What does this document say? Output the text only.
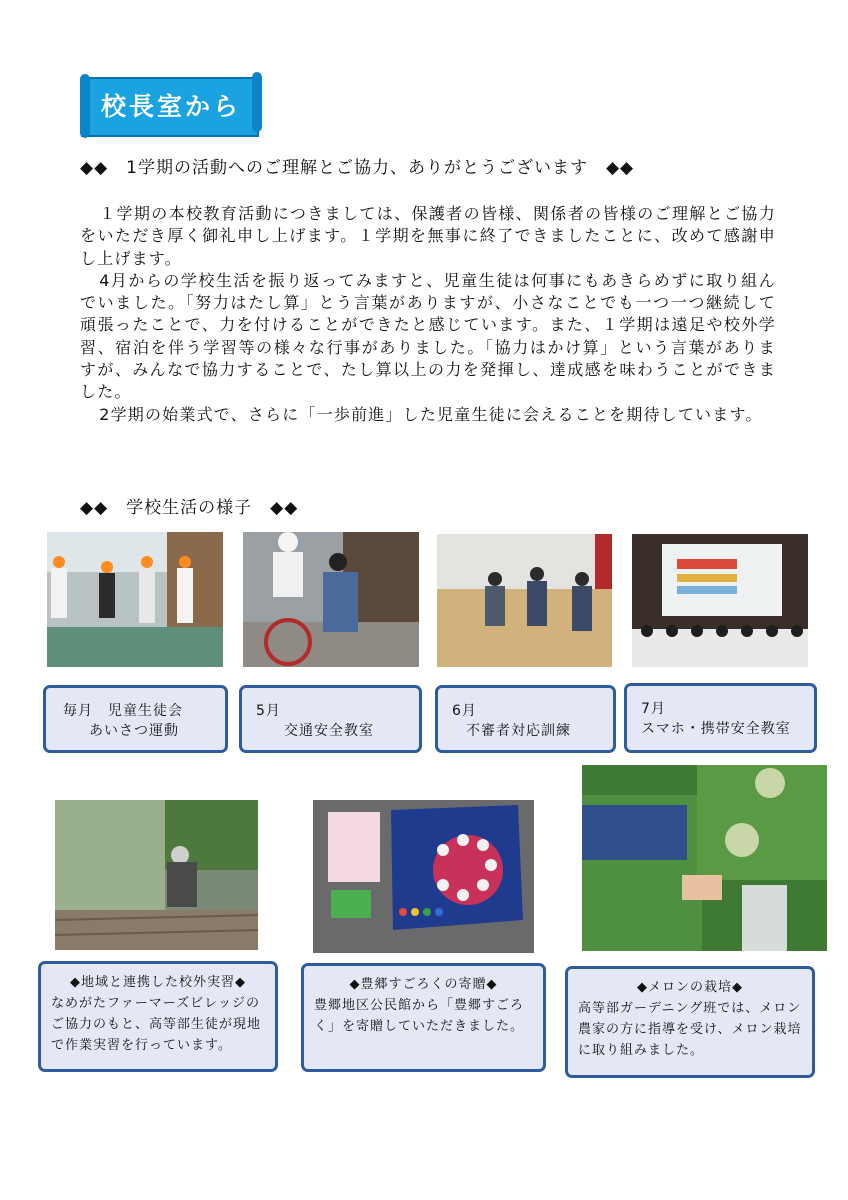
校長室から
◆◆　1学期の活動へのご理解とご協力、ありがとうございます　◆◆

１学期の本校教育活動につきましては、保護者の皆様、関係者の皆様のご理解とご協力をいただき厚く御礼申し上げます。１学期を無事に終了できましたことに、改めて感謝申し上げます。

4月からの学校生活を振り返ってみますと、児童生徒は何事にもあきらめずに取り組んでいました。「努力はたし算」とう言葉がありますが、小さなことでも一つ一つ継続して頑張ったことで、力を付けることができたと感じています。また、１学期は遠足や校外学習、宿泊を伴う学習等の様々な行事がありました。「協力はかけ算」という言葉がありますが、みんなで協力することで、たし算以上の力を発揮し、達成感を味わうことができました。

2学期の始業式で、さらに「一歩前進」した児童生徒に会えることを期待しています。

◆◆　学校生活の様子　◆◆
毎月　児童生徒会
あいさつ運動
5月
交通安全教室
6月
不審者対応訓練
7月
スマホ・携帯安全教室
◆地域と連携した校外実習◆
なめがたファーマーズビレッジのご協力のもと、高等部生徒が現地で作業実習を行っています。
◆豊郷すごろくの寄贈◆
豊郷地区公民館から「豊郷すごろく」を寄贈していただきました。
◆メロンの栽培◆
高等部ガーデニング班では、メロン農家の方に指導を受け、メロン栽培に取り組みました。
